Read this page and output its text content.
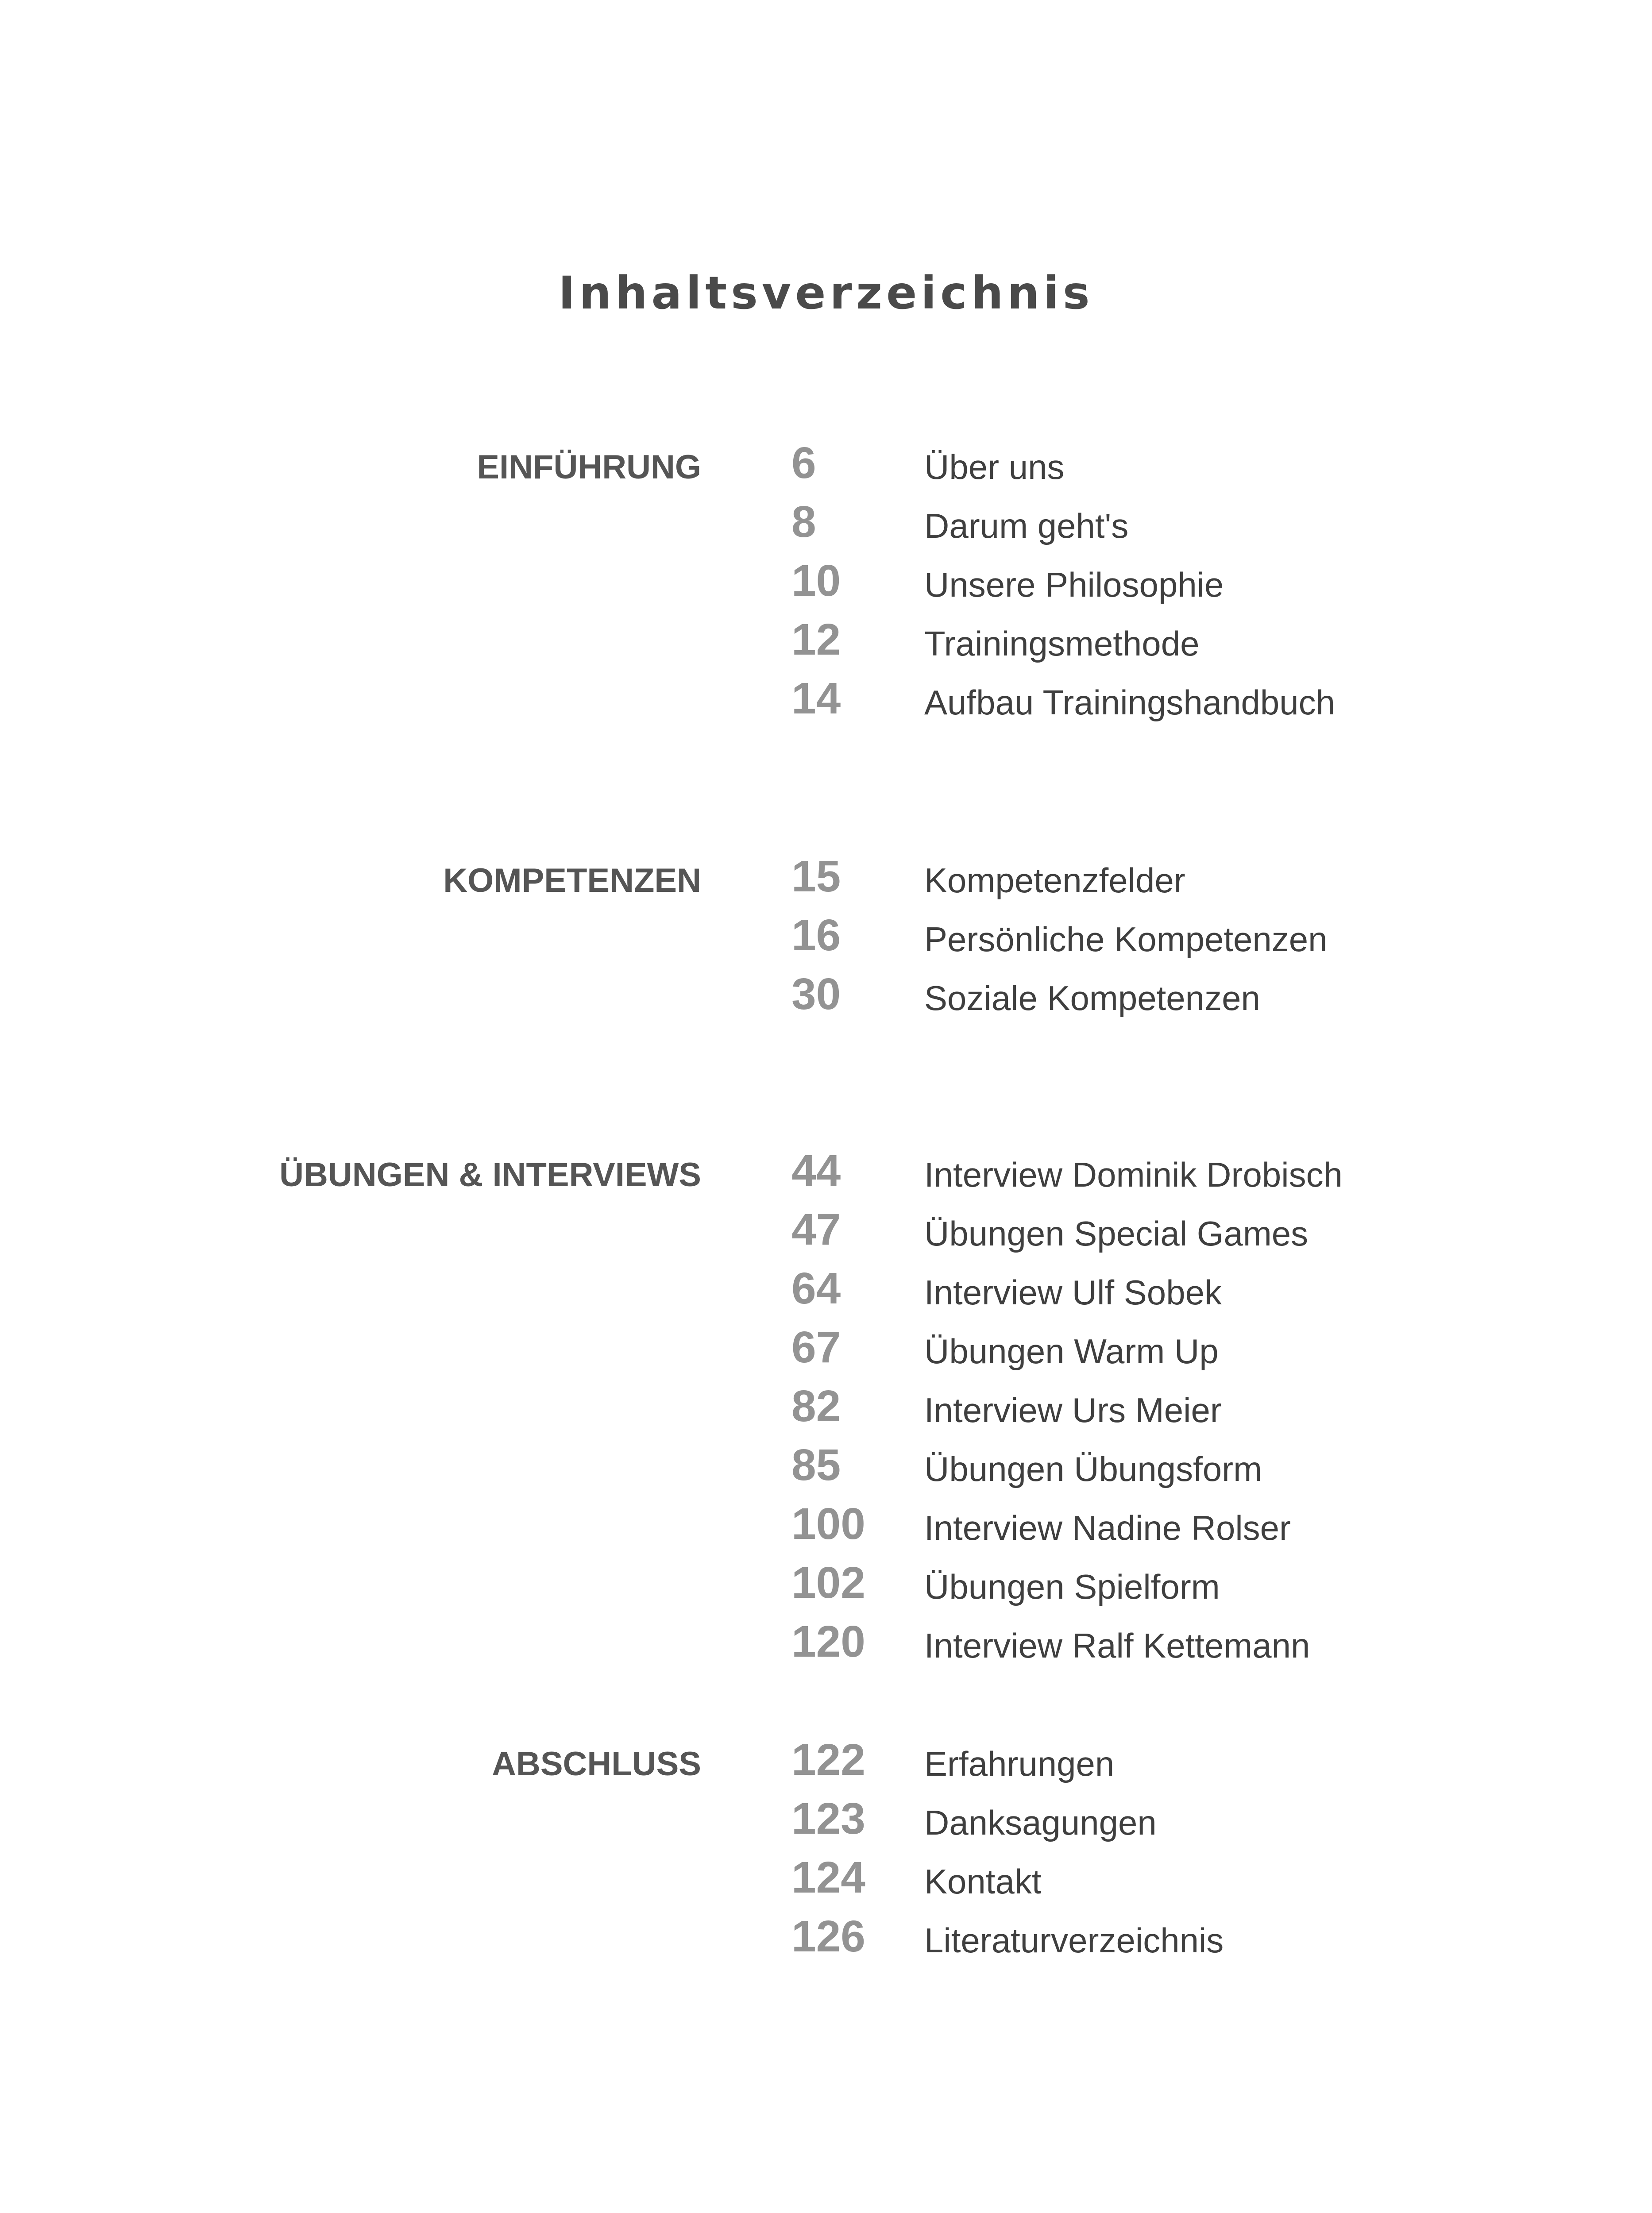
Inhaltsverzeichnis
EINFÜHRUNG 6	Über uns
8	Darum geht's
10 Unsere Philosophie
12 Trainingsmethode
14 Aufbau Trainingshandbuch
KOMPETENZEN 15 Kompetenzfelder
16 Persönliche Kompetenzen
30 Soziale Kompetenzen
ÜBUNGEN & INTERVIEWS 44 Interview Dominik Drobisch
47 Übungen Special Games
64 Interview Ulf Sobek
67 Übungen Warm Up
82 Interview Urs Meier
85 Übungen Übungsform
100 Interview Nadine Rolser
102 Übungen Spielform
120 Interview Ralf Kettemann
ABSCHLUSS 122 Erfahrungen
123 Danksagungen
124 Kontakt
126 Literaturverzeichnis
